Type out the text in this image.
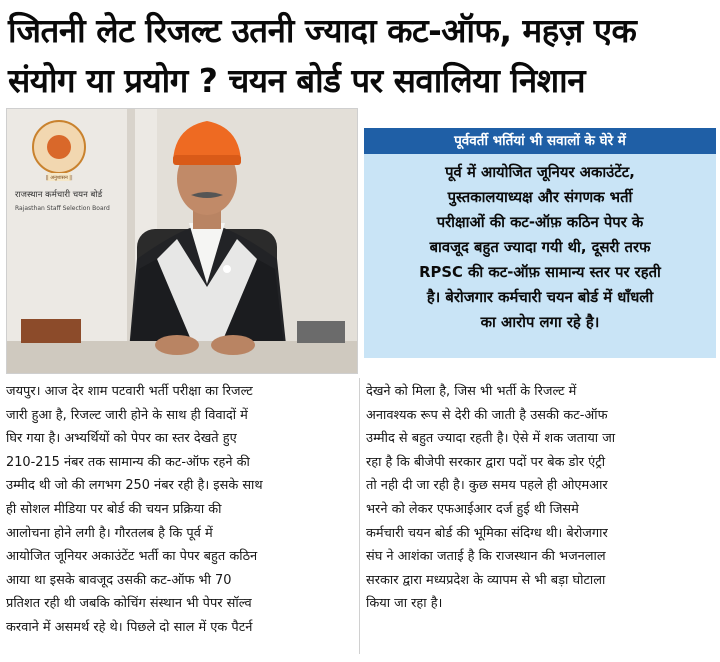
जितनी लेट रिजल्ट उतनी ज्यादा कट-ऑफ, महज़ एक
संयोग या प्रयोग ? चयन बोर्ड पर सवालिया निशान
|| अनुशासन ||
राजस्थान कर्मचारी चयन बोर्ड
Rajasthan Staff Selection Board
पूर्ववर्ती भर्तियां भी सवालों के घेरे में
पूर्व में आयोजित जूनियर अकाउंटेंट,
पुस्तकालयाध्यक्ष और संगणक भर्ती
परीक्षाओं की कट-ऑफ़ कठिन पेपर के
बावजूद बहुत ज्यादा गयी थी, दूसरी तरफ
RPSC की कट-ऑफ़ सामान्य स्तर पर रहती
है। बेरोजगार कर्मचारी चयन बोर्ड में धाँधली
का आरोप लगा रहे है।
जयपुर। आज देर शाम पटवारी भर्ती परीक्षा का रिजल्ट
जारी हुआ है, रिजल्ट जारी होने के साथ ही विवादों में
घिर गया है। अभ्यर्थियों को पेपर का स्तर देखते हुए
210-215 नंबर तक सामान्य की कट-ऑफ रहने की
उम्मीद थी जो की लगभग 250 नंबर रही है। इसके साथ
ही सोशल मीडिया पर बोर्ड की चयन प्रक्रिया की
आलोचना होने लगी है। गौरतलब है कि पूर्व में
आयोजित जूनियर अकाउंटेंट भर्ती का पेपर बहुत कठिन
आया था इसके बावजूद उसकी कट-ऑफ भी 70
प्रतिशत रही थी जबकि कोचिंग संस्थान भी पेपर सॉल्व
करवाने में असमर्थ रहे थे। पिछले दो साल में एक पैटर्न
देखने को मिला है, जिस भी भर्ती के रिजल्ट में
अनावश्यक रूप से देरी की जाती है उसकी कट-ऑफ
उम्मीद से बहुत ज्यादा रहती है। ऐसे में शक जताया जा
रहा है कि बीजेपी सरकार द्वारा पदों पर बेक डोर एंट्री
तो नही दी जा रही है। कुछ समय पहले ही ओएमआर
भरने को लेकर एफआईआर दर्ज हुई थी जिसमे
कर्मचारी चयन बोर्ड की भूमिका संदिग्ध थी। बेरोजगार
संघ ने आशंका जताई है कि राजस्थान की भजनलाल
सरकार द्वारा मध्यप्रदेश के व्यापम से भी बड़ा घोटाला
किया जा रहा है।
